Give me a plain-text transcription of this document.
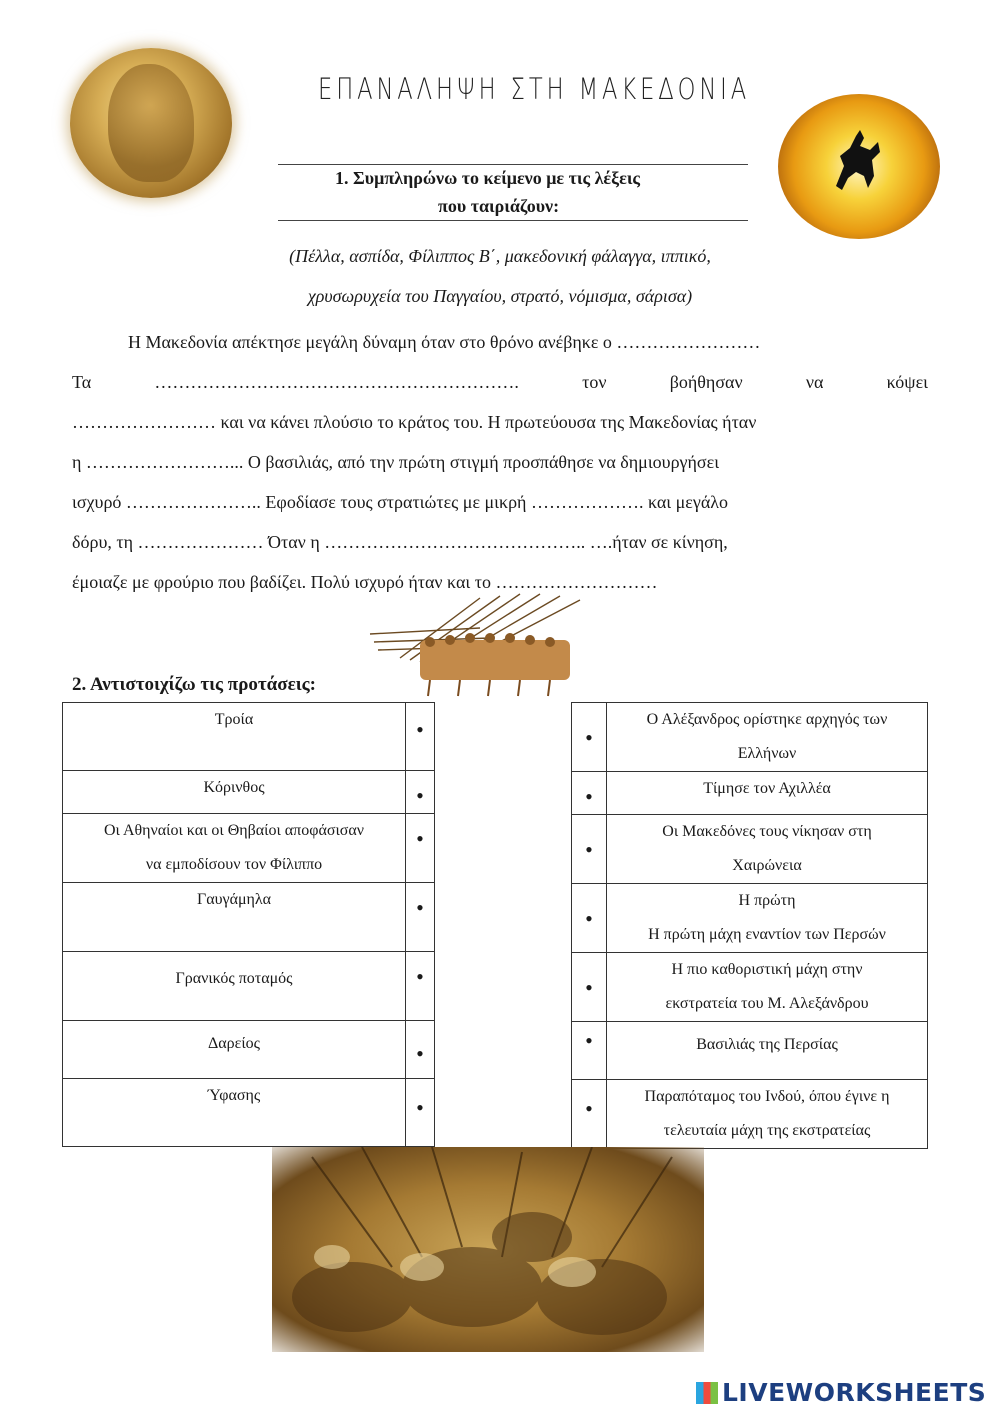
ΕΠΑΝΑΛΗΨΗ ΣΤΗ ΜΑΚΕΔΟΝΙΑ
1. Συμπληρώνω το κείμενο με τις λέξεις
που ταιριάζουν:
(Πέλλα, ασπίδα, Φίλιππος Β΄, μακεδονική φάλαγγα, ιππικό,
χρυσωρυχεία του Παγγαίου, στρατό, νόμισμα, σάρισα)
Η Μακεδονία απέκτησε μεγάλη δύναμη όταν στο θρόνο ανέβηκε ο ……………………
Τα	…………………………………………………….	τον	βοήθησαν	να	κόψει
…………………… και να κάνει πλούσιο το κράτος του. Η πρωτεύουσα της Μακεδονίας ήταν
η ……………………... Ο βασιλιάς, από την πρώτη στιγμή προσπάθησε να δημιουργήσει
ισχυρό ………………….. Εφοδίασε τους στρατιώτες με μικρή ………………. και μεγάλο
δόρυ, τη ………………… Όταν η …………………………………….. ….ήταν σε κίνηση,
έμοιαζε με φρούριο που βαδίζει. Πολύ ισχυρό ήταν και το ………………………
2. Αντιστοιχίζω τις προτάσεις:
Τροία	•

Κόρινθος	•

Οι Αθηναίοι και οι Θηβαίοι αποφάσισαν
να εμποδίσουν τον Φίλιππο	•

Γαυγάμηλα	•

Γρανικός ποταμός	•

Δαρείος	•

Ύφασης	•
•	Ο Αλέξανδρος ορίστηκε αρχηγός των
Ελλήνων

•	Τίμησε τον Αχιλλέα

•	Οι Μακεδόνες τους νίκησαν στη
Χαιρώνεια

•	Η πρώτη
Η πρώτη μάχη εναντίον των Περσών

•	Η πιο καθοριστική μάχη στην
εκστρατεία του Μ. Αλεξάνδρου

•	Βασιλιάς της Περσίας

•	Παραπόταμος του Ινδού, όπου έγινε η
τελευταία μάχη της εκστρατείας
LIVEWORKSHEETS
